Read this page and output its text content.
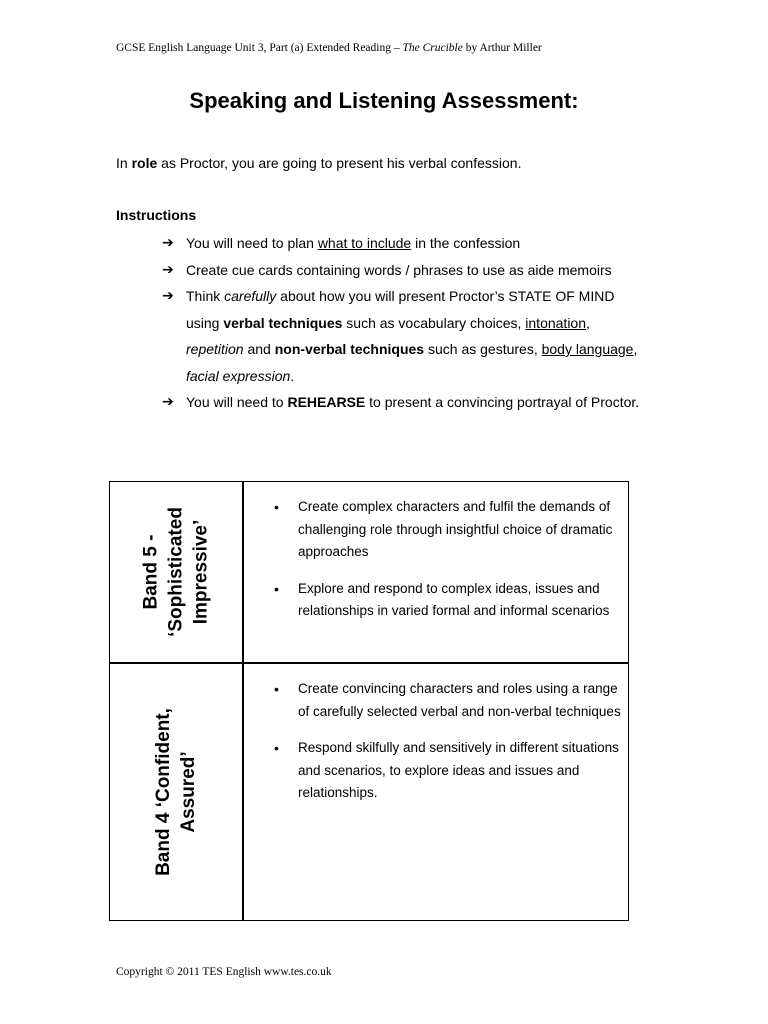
GCSE English Language Unit 3, Part (a) Extended Reading – The Crucible by Arthur Miller
Speaking and Listening Assessment:
In role as Proctor, you are going to present his verbal confession.
Instructions
➔ You will need to plan what to include in the confession
➔ Create cue cards containing words / phrases to use as aide memoirs
➔ Think carefully about how you will present Proctor’s STATE OF MIND using verbal techniques such as vocabulary choices, intonation, repetition and non-verbal techniques such as gestures, body language, facial expression.
➔ You will need to REHEARSE to present a convincing portrayal of Proctor.
Band 5 - ‘Sophisticated Impressive’
• Create complex characters and fulfil the demands of challenging role through insightful choice of dramatic approaches
• Explore and respond to complex ideas, issues and relationships in varied formal and informal scenarios
Band 4 ‘Confident, Assured’
• Create convincing characters and roles using a range of carefully selected verbal and non-verbal techniques
• Respond skilfully and sensitively in different situations and scenarios, to explore ideas and issues and relationships.
Copyright © 2011 TES English www.tes.co.uk
